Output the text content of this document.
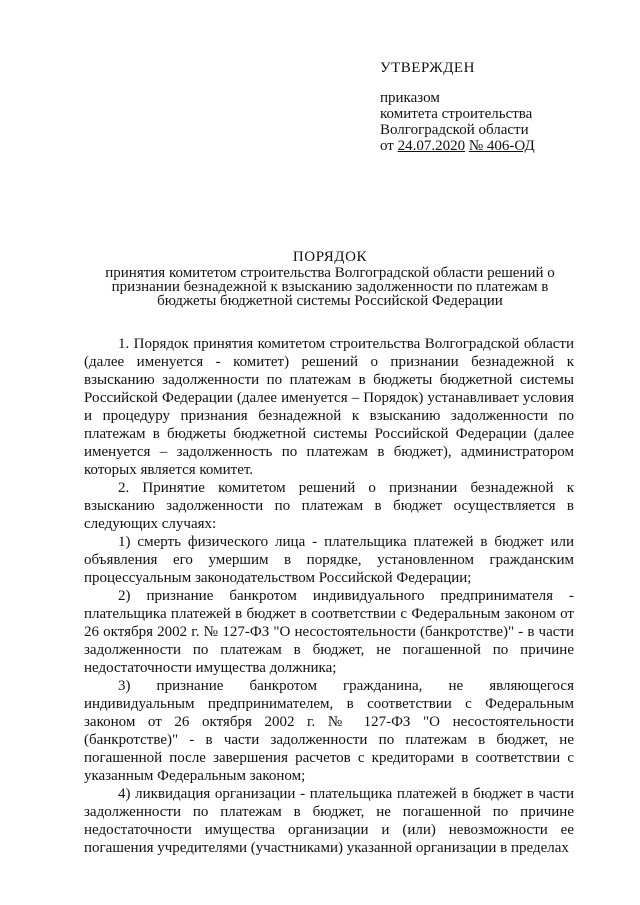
УТВЕРЖДЕН
приказом
комитета строительства
Волгоградской области
от 24.07.2020 № 406-ОД
ПОРЯДОК
принятия комитетом строительства Волгоградской области решений о
признании безнадежной к взысканию задолженности по платежам в
бюджеты бюджетной системы Российской Федерации

1. Порядок принятия комитетом строительства Волгоградской области (далее именуется - комитет) решений о признании безнадежной к взысканию задолженности по платежам в бюджеты бюджетной системы Российской Федерации (далее именуется – Порядок) устанавливает условия и процедуру признания безнадежной к взысканию задолженности по платежам в бюджеты бюджетной системы Российской Федерации (далее именуется – задолженность по платежам в бюджет), администратором которых является комитет.

2. Принятие комитетом решений о признании безнадежной к взысканию задолженности по платежам в бюджет осуществляется в следующих случаях:

1) смерть физического лица - плательщика платежей в бюджет или объявления его умершим в порядке, установленном гражданским процессуальным законодательством Российской Федерации;

2) признание банкротом индивидуального предпринимателя - плательщика платежей в бюджет в соответствии с Федеральным законом от 26 октября 2002 г. № 127-ФЗ "О несостоятельности (банкротстве)" - в части задолженности по платежам в бюджет, не погашенной по причине недостаточности имущества должника;

3) признание банкротом гражданина, не являющегося индивидуальным предпринимателем, в соответствии с Федеральным законом от 26 октября 2002 г. № 127-ФЗ "О несостоятельности (банкротстве)" - в части задолженности по платежам в бюджет, не погашенной после завершения расчетов с кредиторами в соответствии с указанным Федеральным законом;

4) ликвидация организации - плательщика платежей в бюджет в части задолженности по платежам в бюджет, не погашенной по причине недостаточности имущества организации и (или) невозможности ее погашения учредителями (участниками) указанной организации в пределах
